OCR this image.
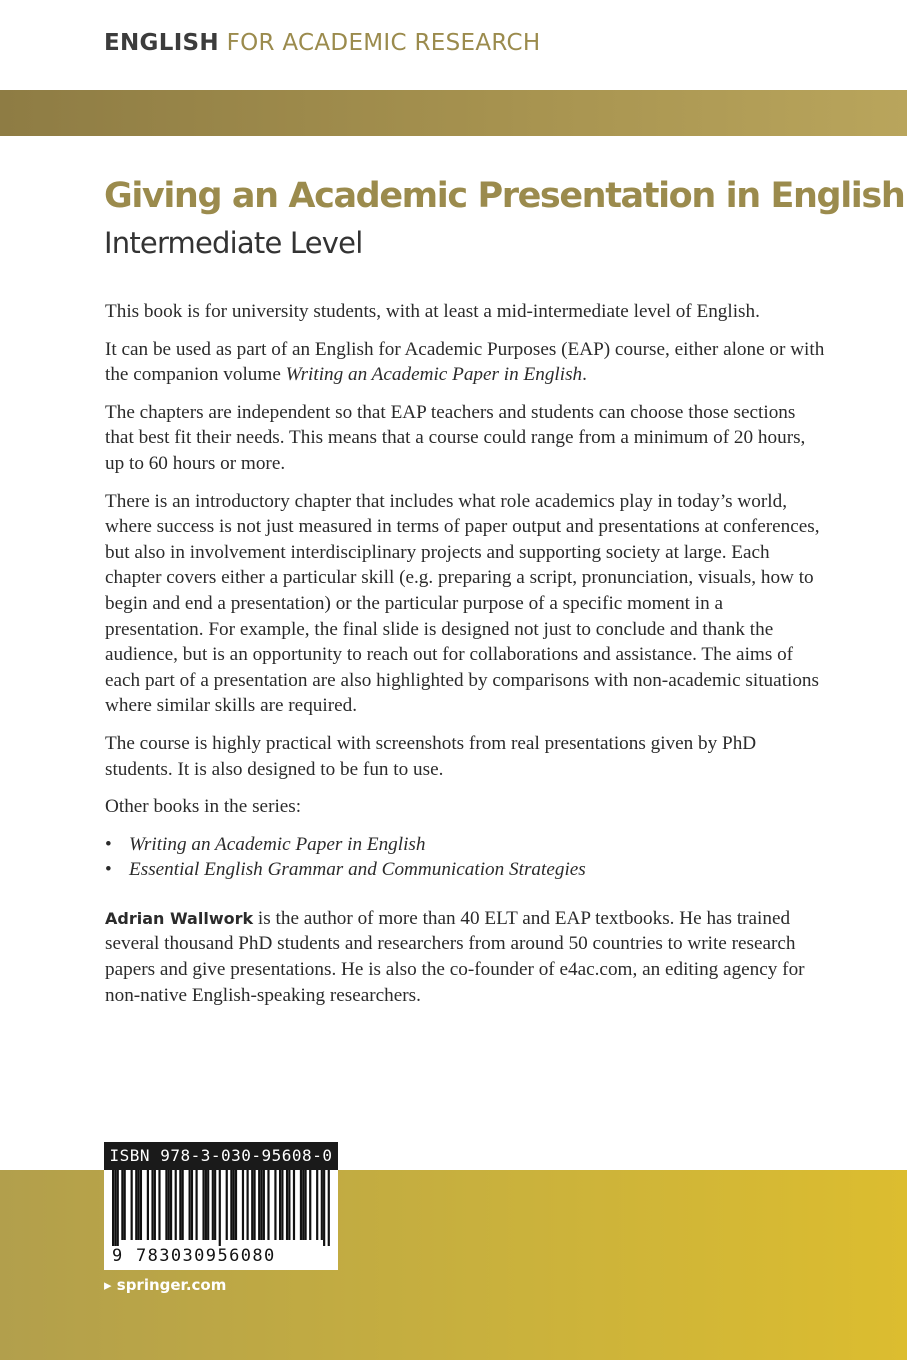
ENGLISH FOR ACADEMIC RESEARCH
Giving an Academic Presentation in English
Intermediate Level

This book is for university students, with at least a mid-intermediate level of English.

It can be used as part of an English for Academic Purposes (EAP) course, either alone or with the companion volume Writing an Academic Paper in English.

The chapters are independent so that EAP teachers and students can choose those sections that best fit their needs. This means that a course could range from a minimum of 20 hours, up to 60 hours or more.

There is an introductory chapter that includes what role academics play in today’s world, where success is not just measured in terms of paper output and presentations at conferences, but also in involvement interdisciplinary projects and supporting society at large. Each chapter covers either a particular skill (e.g. preparing a script, pronunciation, visuals, how to begin and end a presentation) or the particular purpose of a specific moment in a presentation. For example, the final slide is designed not just to conclude and thank the audience, but is an opportunity to reach out for collaborations and assistance. The aims of each part of a presentation are also highlighted by comparisons with non-academic situations where similar skills are required.

The course is highly practical with screenshots from real presentations given by PhD students. It is also designed to be fun to use.

Other books in the series:

• Writing an Academic Paper in English
• Essential English Grammar and Communication Strategies

Adrian Wallwork is the author of more than 40 ELT and EAP textbooks. He has trained several thousand PhD students and researchers from around 50 countries to write research papers and give presentations. He is also the co-founder of e4ac.com, an editing agency for non-native English-speaking researchers.

ISBN 978-3-030-95608-0
9 783030956080
▸ springer.com
